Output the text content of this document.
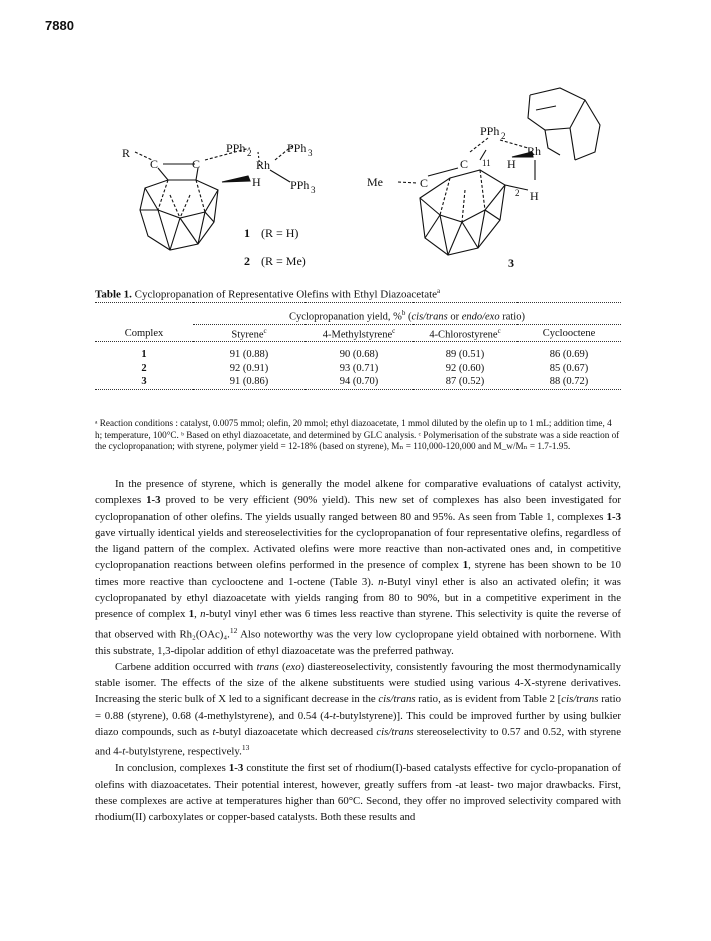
7880
R
C	C
PPh 2
Rh
PPh 3
PPh 3
H
1 (R = H)
2 (R = Me)
PPh 2
Rh
C 11 H
Me	C
2 H
3
Table 1. Cyclopropanation of Representative Olefins with Ethyl Diazoacetate$^a$

	Cyclopropanation yield, %$^b$ (cis/trans or endo/exo ratio)			

Complex	Styrene$^c$	4-Methylstyrene$^c$	4-Chlorostyrene$^c$	Cyclooctene

1	91 (0.88)	90 (0.68)	89 (0.51)	86 (0.69)
2	92 (0.91)	93 (0.71)	92 (0.60)	85 (0.67)
3	91 (0.86)	94 (0.70)	87 (0.52)	88 (0.72)

ᵃ Reaction conditions : catalyst, 0.0075 mmol; olefin, 20 mmol; ethyl diazoacetate, 1 mmol diluted by the olefin up to 1 mL; addition time, 4 h; temperature, 100°C. ᵇ Based on ethyl diazoacetate, and determined by GLC analysis. ᶜ Polymerisation of the substrate was a side reaction of the cyclopropanation; with styrene, polymer yield = 12-18% (based on styrene), Mₙ = 110,000-120,000 and M_w/Mₙ = 1.7-1.95.

In the presence of styrene, which is generally the model alkene for comparative evaluations of catalyst activity, complexes 1-3 proved to be very efficient (90% yield). This new set of complexes has also been investigated for cyclopropanation of other olefins. The yields usually ranged between 80 and 95%. As seen from Table 1, complexes 1-3 gave virtually identical yields and stereoselectivities for the cyclopropanation of four representative olefins, regardless of the ligand pattern of the complex. Activated olefins were more reactive than non-activated ones and, in competitive cyclopropanation reactions between olefins performed in the presence of complex 1, styrene has been shown to be 10 times more reactive than cyclooctene and 1-octene (Table 3). n-Butyl vinyl ether is also an activated olefin; it was cyclopropanated by ethyl diazoacetate with yields ranging from 80 to 90%, but in a competitive experiment in the presence of complex 1, n-butyl vinyl ether was 6 times less reactive than styrene. This selectivity is quite the reverse of that observed with Rh₂(OAc)₄.$^{12}$ Also noteworthy was the very low cyclopropane yield obtained with norbornene. With this substrate, 1,3-dipolar addition of ethyl diazoacetate was the preferred pathway.

Carbene addition occurred with trans (exo) diastereoselectivity, consistently favouring the most thermodynamically stable isomer. The effects of the size of the alkene substituents were studied using various 4-X-styrene derivatives. Increasing the steric bulk of X led to a significant decrease in the cis/trans ratio, as is evident from Table 2 [cis/trans ratio = 0.88 (styrene), 0.68 (4-methylstyrene), and 0.54 (4-t-butylstyrene)]. This could be improved further by using bulkier diazo compounds, such as t-butyl diazoacetate which decreased cis/trans stereoselectivity to 0.57 and 0.52, with styrene and 4-t-butylstyrene, respectively.$^{13}$

In conclusion, complexes 1-3 constitute the first set of rhodium(I)-based catalysts effective for cyclo-propanation of olefins with diazoacetates. Their potential interest, however, greatly suffers from -at least- two major drawbacks. First, these complexes are active at temperatures higher than 60°C. Second, they offer no improved selectivity compared with rhodium(II) carboxylates or copper-based catalysts. Both these results and
